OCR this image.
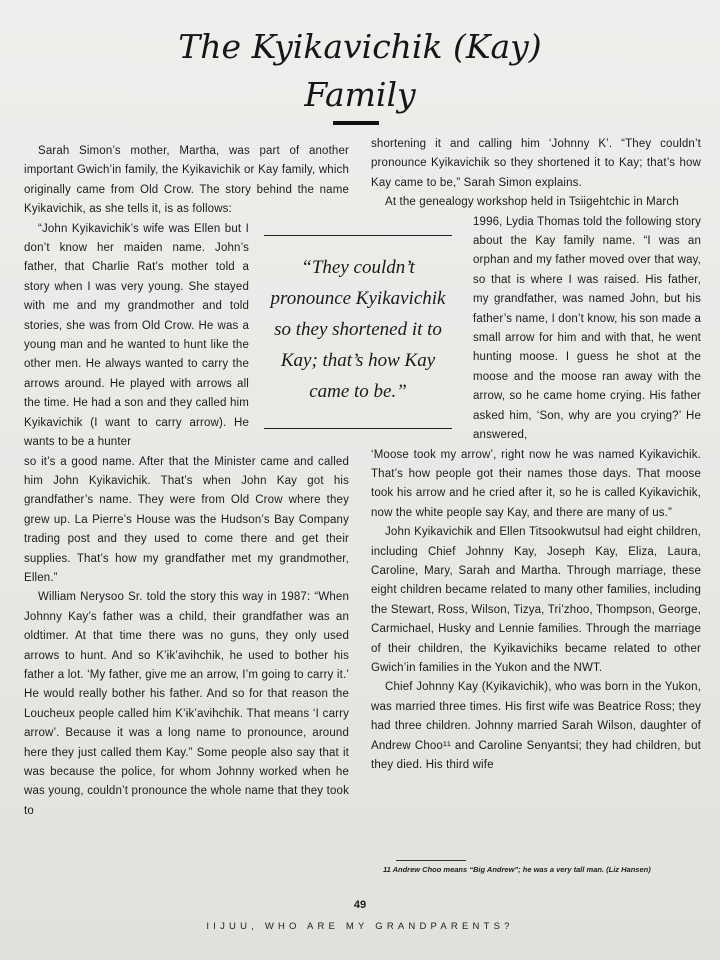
The Kyikavichik (Kay)
Family

Sarah Simon’s mother, Martha, was part of another important Gwich’in family, the Kyikavichik or Kay family, which originally came from Old Crow. The story behind the name Kyikavichik, as she tells it, is as follows:

“John Kyikavichik’s wife was Ellen but I don’t know her maiden name. John’s father, that Charlie Rat’s mother told a story when I was very young. She stayed with me and my grandmother and told stories, she was from Old Crow. He was a young man and he wanted to hunt like the other men. He always wanted to carry the arrows around. He played with arrows all the time. He had a son and they called him Kyikavichik (I want to carry arrow). He wants to be a hunter

so it’s a good name. After that the Minister came and called him John Kyikavichik. That’s when John Kay got his grandfather’s name. They were from Old Crow where they grew up. La Pierre’s House was the Hudson’s Bay Company trading post and they used to come there and get their supplies. That’s how my grandfather met my grandmother, Ellen.”

William Nerysoo Sr. told the story this way in 1987: “When Johnny Kay’s father was a child, their grandfather was an oldtimer. At that time there was no guns, they only used arrows to hunt. And so K’ɨk’avihchik, he used to bother his father a lot. ‘My father, give me an arrow, I’m going to carry it.’ He would really bother his father. And so for that reason the Loucheux people called him K’ɨk’avihchik. That means ‘I carry arrow’. Because it was a long name to pronounce, around here they just called them Kay.” Some people also say that it was because the police, for whom Johnny worked when he was young, couldn’t pronounce the whole name that they took to

“They couldn’t pronounce Kyikavichik so they shortened it to Kay; that’s how Kay came to be.”

shortening it and calling him ‘Johnny K’. “They couldn’t pronounce Kyikavichik so they shortened it to Kay; that’s how Kay came to be,” Sarah Simon explains.

At the genealogy workshop held in Tsiigehtchic in March

1996, Lydia Thomas told the following story about the Kay family name. “I was an orphan and my father moved over that way, so that is where I was raised. His father, my grandfather, was named John, but his father’s name, I don’t know, his son made a small arrow for him and with that, he went hunting moose. I guess he shot at the moose and the moose ran away with the arrow, so he came home crying. His father asked him, ‘Son, why are you crying?’ He answered,

‘Moose took my arrow’, right now he was named Kyikavichik. That’s how people got their names those days. That moose took his arrow and he cried after it, so he is called Kyikavichik, now the white people say Kay, and there are many of us.”

John Kyikavichik and Ellen Titsookwutsul had eight children, including Chief Johnny Kay, Joseph Kay, Eliza, Laura, Caroline, Mary, Sarah and Martha. Through marriage, these eight children became related to many other families, including the Stewart, Ross, Wilson, Tizya, Tri’zhoo, Thompson, George, Carmichael, Husky and Lennie families. Through the marriage of their children, the Kyikavichiks became related to other Gwich’in families in the Yukon and the NWT.

Chief Johnny Kay (Kyikavichik), who was born in the Yukon, was married three times. His first wife was Beatrice Ross; they had three children. Johnny married Sarah Wilson, daughter of Andrew Choo¹¹ and Caroline Senyantsi; they had children, but they died. His third wife

11 Andrew Choo means “Big Andrew”; he was a very tall man. (Liz Hansen)
49
IIJUU, WHO ARE MY GRANDPARENTS?
